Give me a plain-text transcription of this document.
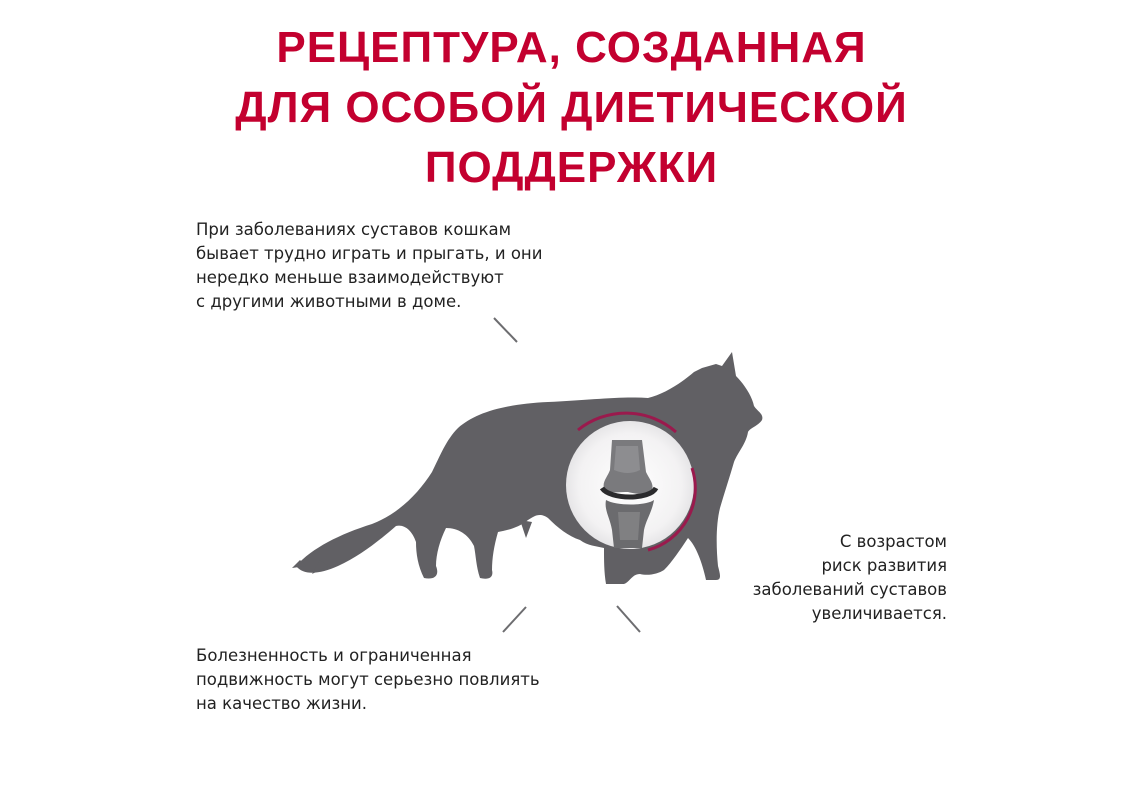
РЕЦЕПТУРА, СОЗДАННАЯ
ДЛЯ ОСОБОЙ ДИЕТИЧЕСКОЙ
ПОДДЕРЖКИ
При заболеваниях суставов кошкам
бывает трудно играть и прыгать, и они
нередко меньше взаимодействуют
с другими животными в доме.
С возрастом
риск развития
заболеваний суставов
увеличивается.
Болезненность и ограниченная
подвижность могут серьезно повлиять
на качество жизни.
